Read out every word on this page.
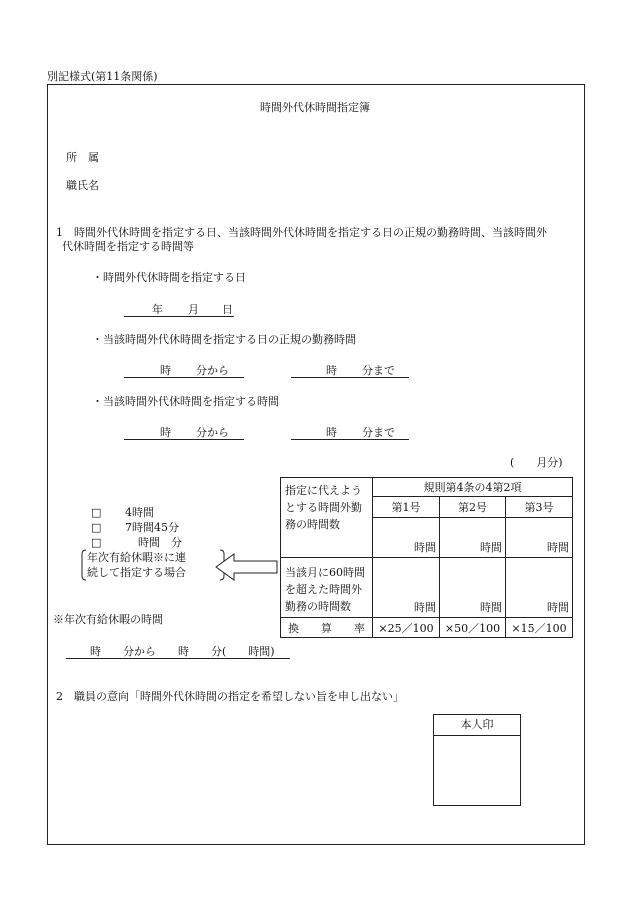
別記様式(第11条関係)
時間外代休時間指定簿
所　属
職氏名
1　時間外代休時間を指定する日、当該時間外代休時間を指定する日の正規の勤務時間、当該時間外
代休時間を指定する時間等
・時間外代休時間を指定する日
年 月 日
・当該時間外代休時間を指定する日の正規の勤務時間
時 分から	時 分まで
・当該時間外代休時間を指定する時間
時 分から	時 分まで
(　　月分)
□ 4時間
□ 7時間45分
□	時間　分
年次有給休暇※に連
続して指定する場合
※年次有給休暇の時間
時　　分から　　時　　分(　　時間)
指定に代えようとする時間外勤務の時間数	規則第4条の4第2項		
	第1号	第2号	第3号
	時間	時間	時間
当該月に60時間を超えた時間外勤務の時間数	時間	時間	時間
換　　算　　率	×25／100	×50／100	×15／100
2　職員の意向「時間外代休時間の指定を希望しない旨を申し出ない」
本人印
